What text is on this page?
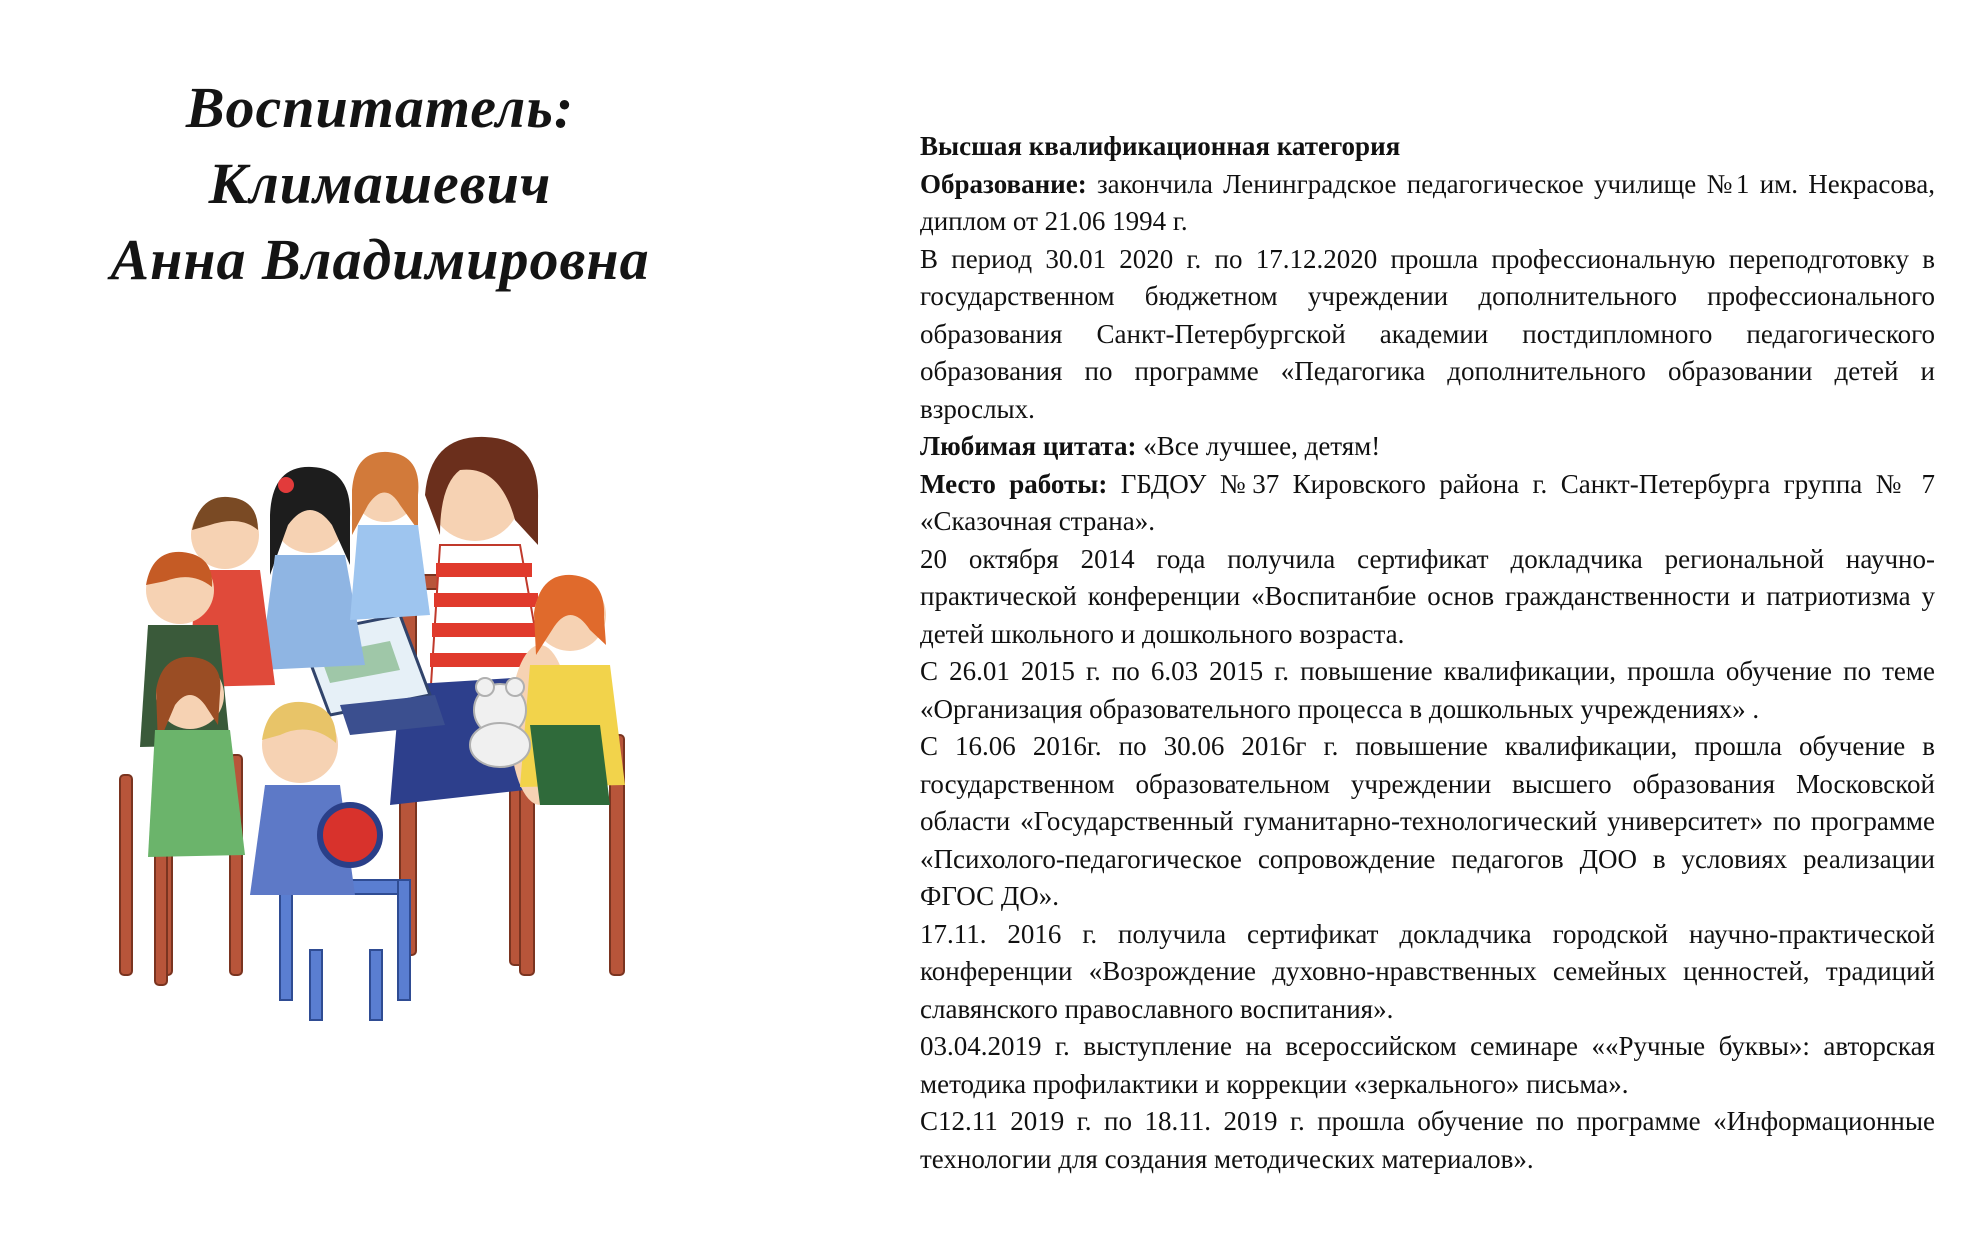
Воспитатель:
Климашевич
Анна Владимировна

Высшая квалификационная категория

Образование: закончила Ленинградское педагогическое училище №1 им. Некрасова, диплом от 21.06 1994 г.

В период 30.01 2020 г. по 17.12.2020 прошла профессиональную переподготовку в государственном бюджетном учреждении дополнительного профессионального образования Санкт-Петербургской академии постдипломного педагогического образования по программе «Педагогика дополнительного образовании детей и взрослых.

Любимая цитата: «Все лучшее, детям!

Место работы: ГБДОУ №37 Кировского района г. Санкт-Петербурга группа № 7 «Сказочная страна».

20 октября 2014 года получила сертификат докладчика региональной научно-практической конференции «Воспитанбие основ гражданственности и патриотизма у детей школьного и дошкольного возраста.

С 26.01 2015 г. по 6.03 2015 г. повышение квалификации, прошла обучение по теме «Организация образовательного процесса в дошкольных учреждениях» .

С 16.06 2016г. по 30.06 2016г г. повышение квалификации, прошла обучение в государственном образовательном учреждении высшего образования Московской области «Государственный гуманитарно-технологический университет» по программе «Психолого-педагогическое сопровождение педагогов ДОО в условиях реализации ФГОС ДО».

17.11. 2016 г. получила сертификат докладчика городской научно-практической конференции «Возрождение духовно-нравственных семейных ценностей, традиций славянского православного воспитания».

03.04.2019 г. выступление на всероссийском семинаре ««Ручные буквы»: авторская методика профилактики и коррекции «зеркального» письма».

С12.11 2019 г. по 18.11. 2019 г. прошла обучение по программе «Информационные технологии для создания методических материалов».
